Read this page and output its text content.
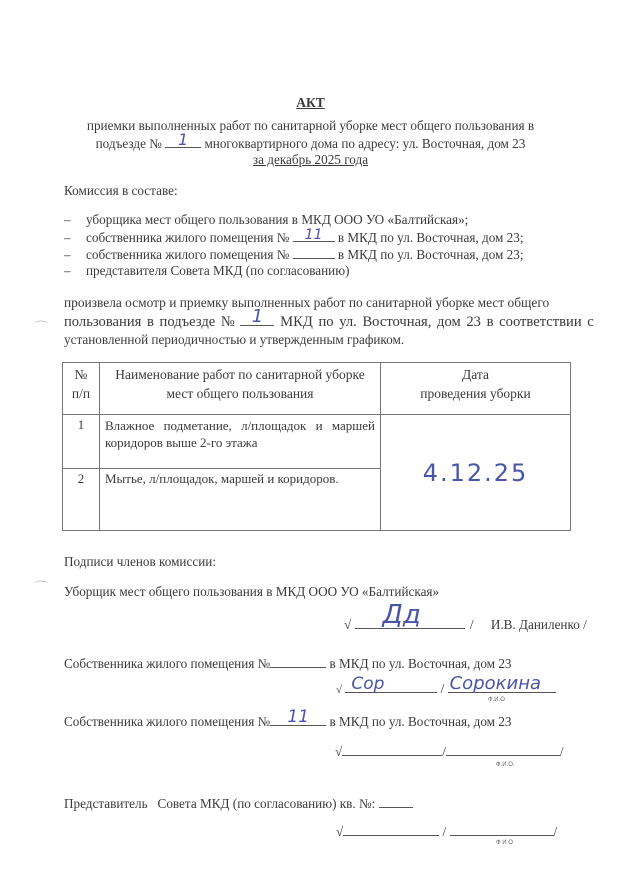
АКТ
приемки выполненных работ по санитарной уборке мест общего пользования в
подъезде №	1	многоквартирного дома по адресу: ул. Восточная, дом 23
за декабрь 2025 года
Комиссия в составе:
– уборщика мест общего пользования в МКД ООО УО «Балтийская»;
– собственника жилого помещения №	11	в МКД по ул. Восточная, дом 23;
– собственника жилого помещения №	в МКД по ул. Восточная, дом 23;
– представителя Совета МКД (по согласованию)
произвела осмотр и приемку выполненных работ по санитарной уборке мест общего
пользования в подъезде № 1	МКД по ул. Восточная, дом 23 в соответствии с
установленной периодичностью и утвержденным графиком.
⌒
№
п/п

Наименование работ по санитарной уборке
мест общего пользования

Дата
проведения уборки

1	Влажное подметание, л/площадок и маршей коридоров выше 2-го этажа	4.12.25
2	Мытье, л/площадок, маршей и коридоров.	
Подписи членов комиссии:
⌒ Уборщик мест общего пользования в МКД ООО УО «Балтийская»
√ Дд	/ И.В. Даниленко /
Собственника жилого помещения №	в МКД по ул. Восточная, дом 23
√ Сор	/ Сорокина
Ф.И.О
Собственника жилого помещения №	11	в МКД по ул. Восточная, дом 23
√	/	/
Ф.И.О.
Представитель   Совета МКД (по согласованию) кв. №:
√	/	/
Ф И О
